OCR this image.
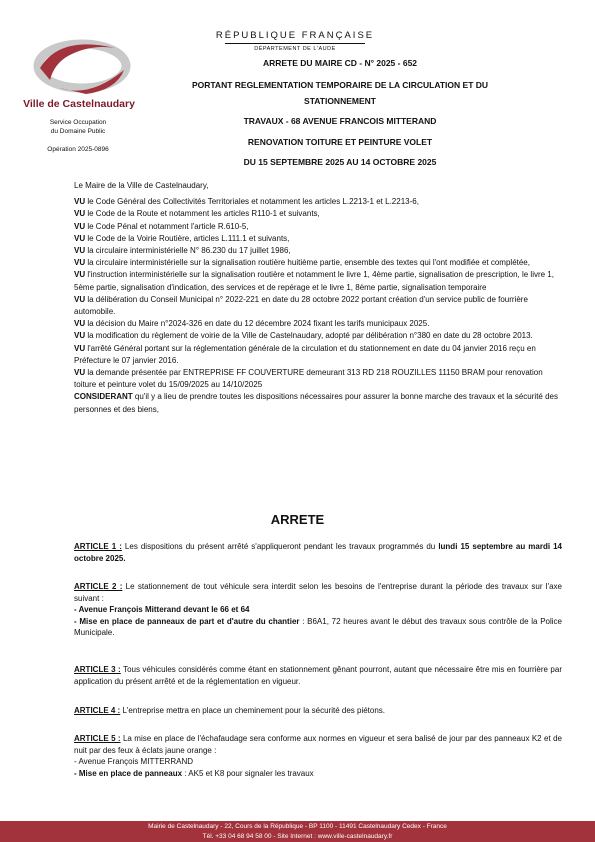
Ville de Castelnaudary
Service Occupation
du Domaine Public
Opération 2025-0896
RÉPUBLIQUE FRANÇAISE
DÉPARTEMENT DE L'AUDE
ARRETE DU MAIRE CD - N° 2025 - 652
PORTANT REGLEMENTATION TEMPORAIRE DE LA CIRCULATION ET DU
STATIONNEMENT
TRAVAUX - 68 AVENUE FRANCOIS MITTERAND
RENOVATION TOITURE ET PEINTURE VOLET
DU 15 SEPTEMBRE 2025 AU 14 OCTOBRE 2025

Le Maire de la Ville de Castelnaudary,

VU le Code Général des Collectivités Territoriales et notamment les articles L.2213-1 et L.2213-6,

VU le Code de la Route et notamment les articles R110-1 et suivants,

VU le Code Pénal et notamment l'article R.610-5,

VU le Code de la Voirie Routière, articles L.111.1 et suivants,

VU la circulaire interministérielle N° 86.230 du 17 juillet 1986,

VU la circulaire interministérielle sur la signalisation routière huitième partie, ensemble des textes qui l'ont modifiée et complétée,

VU l'instruction interministérielle sur la signalisation routière et notamment le livre 1, 4ème partie, signalisation de prescription, le livre 1, 5ème partie, signalisation d'indication, des services et de repérage et le livre 1, 8ème partie, signalisation temporaire

VU la délibération du Conseil Municipal n° 2022-221 en date du 28 octobre 2022 portant création d'un service public de fourrière automobile.

VU la décision du Maire n°2024-326 en date du 12 décembre 2024 fixant les tarifs municipaux 2025.

VU la modification du règlement de voirie de la Ville de Castelnaudary, adopté par délibération n°380 en date du 28 octobre 2013.

VU l'arrêté Général portant sur la réglementation générale de la circulation et du stationnement en date du 04 janvier 2016 reçu en Préfecture le 07 janvier 2016.

VU la demande présentée par ENTREPRISE FF COUVERTURE demeurant 313 RD 218 ROUZILLES 11150 BRAM pour renovation toiture et peinture volet du 15/09/2025 au 14/10/2025

CONSIDERANT qu'il y a lieu de prendre toutes les dispositions nécessaires pour assurer la bonne marche des travaux et la sécurité des personnes et des biens,

ARRETE

ARTICLE 1 : Les dispositions du présent arrêté s'appliqueront pendant les travaux programmés du lundi 15 septembre au mardi 14 octobre 2025.

ARTICLE 2 : Le stationnement de tout véhicule sera interdit selon les besoins de l'entreprise durant la période des travaux sur l'axe suivant :

- Avenue François Mitterand devant le 66 et 64

- Mise en place de panneaux de part et d'autre du chantier : B6A1, 72 heures avant le début des travaux sous contrôle de la Police Municipale.

ARTICLE 3 : Tous véhicules considérés comme étant en stationnement gênant pourront, autant que nécessaire être mis en fourrière par application du présent arrêté et de la réglementation en vigueur.

ARTICLE 4 : L'entreprise mettra en place un cheminement pour la sécurité des piétons.

ARTICLE 5 : La mise en place de l'échafaudage sera conforme aux normes en vigueur et sera balisé de jour par des panneaux K2 et de nuit par des feux à éclats jaune orange :

- Avenue François MITTERRAND

- Mise en place de panneaux : AK5 et K8 pour signaler les travaux

Mairie de Castelnaudary - 22, Cours de la République - BP 1100 - 11491 Castelnaudary Cedex - France
Tél. +33 04 68 94 58 00 - Site Internet : www.ville-castelnaudary.fr
